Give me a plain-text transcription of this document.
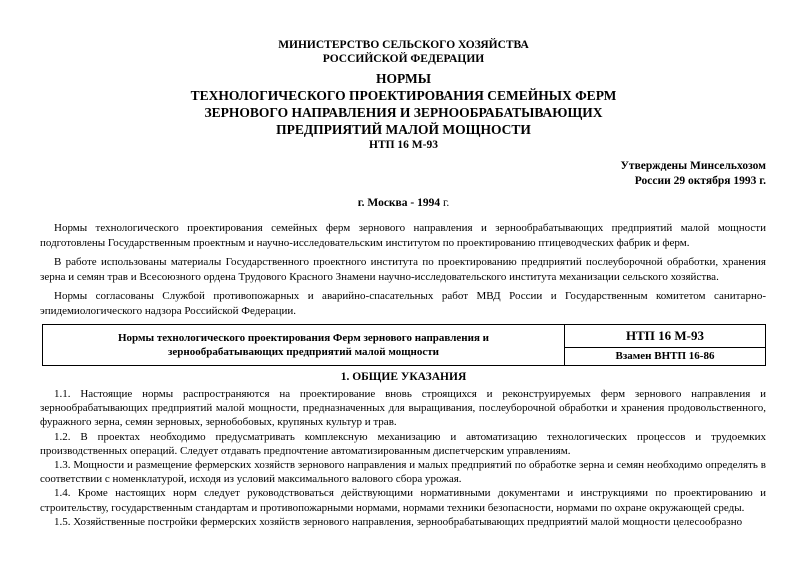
МИНИСТЕРСТВО СЕЛЬСКОГО ХОЗЯЙСТВА
РОССИЙСКОЙ ФЕДЕРАЦИИ
НОРМЫ
ТЕХНОЛОГИЧЕСКОГО ПРОЕКТИРОВАНИЯ СЕМЕЙНЫХ ФЕРМ
ЗЕРНОВОГО НАПРАВЛЕНИЯ И ЗЕРНООБРАБАТЫВАЮЩИХ
ПРЕДПРИЯТИЙ МАЛОЙ МОЩНОСТИ
НТП 16 М-93
Утверждены Минсельхозом
России 29 октября 1993 г.
г. Москва - 1994 г.

Нормы технологического проектирования семейных ферм зернового направления и зернообрабатывающих предприятий малой мощности подготовлены Государственным проектным и научно-исследовательским институтом по проектированию птицеводческих фабрик и ферм.

В работе использованы материалы Государственного проектного института по проектированию предприятий послеуборочной обработки, хранения зерна и семян трав и Всесоюзного ордена Трудового Красного Знамени научно-исследовательского института механизации сельского хозяйства.

Нормы согласованы Службой противопожарных и аварийно-спасательных работ МВД России и Государственным комитетом санитарно-эпидемиологического надзора Российской Федерации.

Нормы технологического проектирования Ферм зернового направления и
зернообрабатывающих предприятий малой мощности
НТП 16 М-93
Взамен ВНТП 16-86
1. ОБЩИЕ УКАЗАНИЯ

1.1. Настоящие нормы распространяются на проектирование вновь строящихся и реконструируемых ферм зернового направления и зернообрабатывающих предприятий малой мощности, предназначенных для выращивания, послеуборочной обработки и хранения продовольственного, фуражного зерна, семян зерновых, зернобобовых, крупяных культур и трав.

1.2. В проектах необходимо предусматривать комплексную механизацию и автоматизацию технологических процессов и трудоемких производственных операций. Следует отдавать предпочтение автоматизированным диспетчерским управлениям.

1.3. Мощности и размещение фермерских хозяйств зернового направления и малых предприятий по обработке зерна и семян необходимо определять в соответствии с номенклатурой, исходя из условий максимального валового сбора урожая.

1.4. Кроме настоящих норм следует руководствоваться действующими нормативными документами и инструкциями по проектированию и строительству, государственным стандартам и противопожарными нормами, нормами техники безопасности, нормами по охране окружающей среды.

1.5. Хозяйственные постройки фермерских хозяйств зернового направления, зернообрабатывающих предприятий малой мощности целесообразно
